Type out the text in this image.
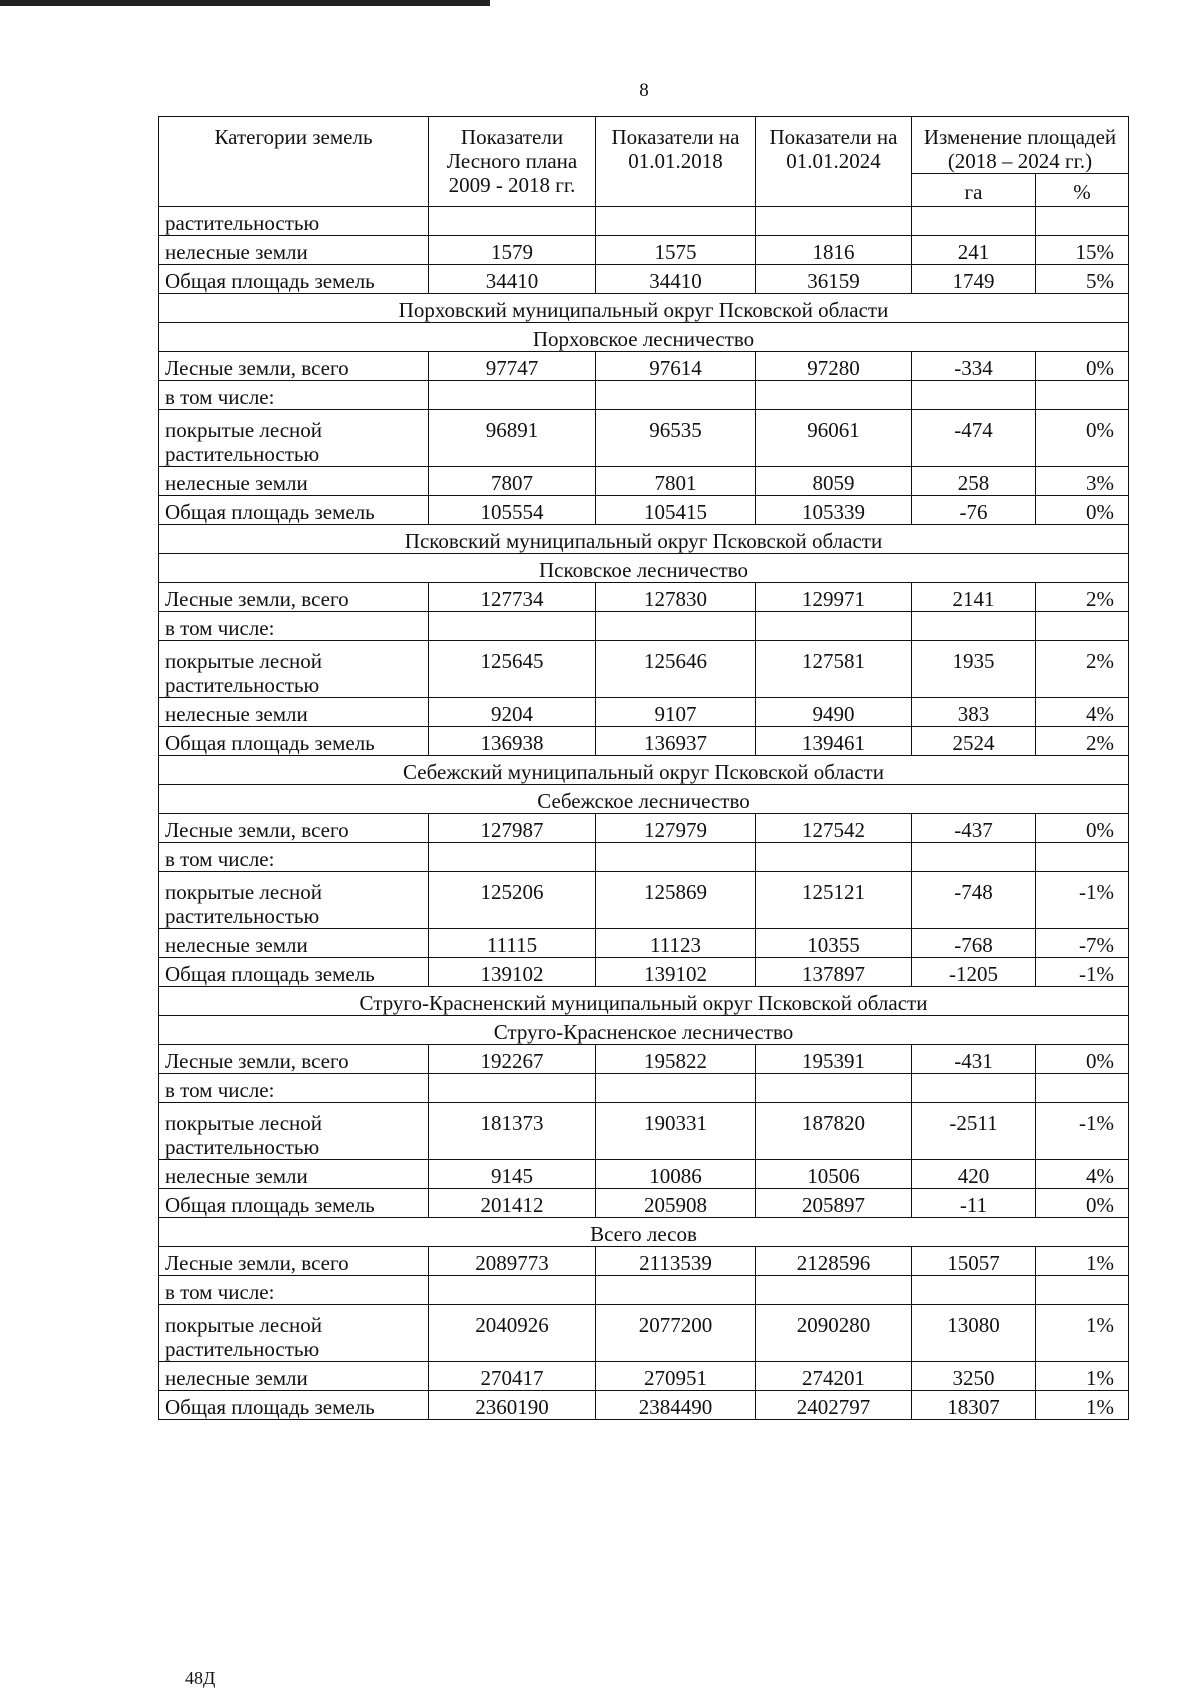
8
Категории земель	Показатели Лесного плана 2009 - 2018 гг.	Показатели на 01.01.2018	Показатели на 01.01.2024	Изменение площадей (2018 – 2024 гг.)	
				га	%
растительностью					
нелесные земли	1579	1575	1816	241	15%
Общая площадь земель	34410	34410	36159	1749	5%
Порховский муниципальный округ Псковской области					
Порховское лесничество					
Лесные земли, всего	97747	97614	97280	-334	0%
в том числе:					
покрытые лесной растительностью	96891	96535	96061	-474	0%
нелесные земли	7807	7801	8059	258	3%
Общая площадь земель	105554	105415	105339	-76	0%
Псковский муниципальный округ Псковской области					
Псковское лесничество					
Лесные земли, всего	127734	127830	129971	2141	2%
в том числе:					
покрытые лесной растительностью	125645	125646	127581	1935	2%
нелесные земли	9204	9107	9490	383	4%
Общая площадь земель	136938	136937	139461	2524	2%
Себежский муниципальный округ Псковской области					
Себежское лесничество					
Лесные земли, всего	127987	127979	127542	-437	0%
в том числе:					
покрытые лесной растительностью	125206	125869	125121	-748	-1%
нелесные земли	11115	11123	10355	-768	-7%
Общая площадь земель	139102	139102	137897	-1205	-1%
Струго-Красненский муниципальный округ Псковской области					
Струго-Красненское лесничество					
Лесные земли, всего	192267	195822	195391	-431	0%
в том числе:					
покрытые лесной растительностью	181373	190331	187820	-2511	-1%
нелесные земли	9145	10086	10506	420	4%
Общая площадь земель	201412	205908	205897	-11	0%
Всего лесов					
Лесные земли, всего	2089773	2113539	2128596	15057	1%
в том числе:					
покрытые лесной растительностью	2040926	2077200	2090280	13080	1%
нелесные земли	270417	270951	274201	3250	1%
Общая площадь земель	2360190	2384490	2402797	18307	1%
48Д
